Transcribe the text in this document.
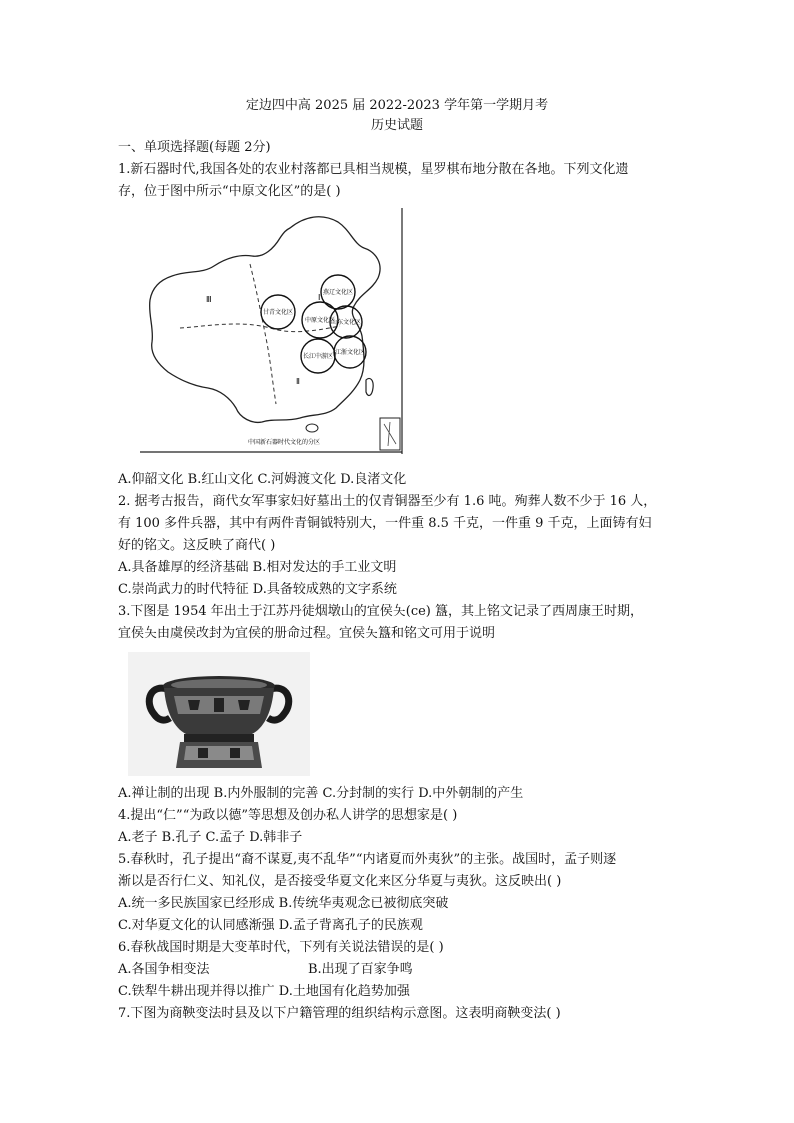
定边四中高 2025 届 2022-2023 学年第一学期月考
历史试题
一、单项选择题(每题 2分)
1.新石器时代,我国各处的农业村落都已具相当规模，星罗棋布地分散在各地。下列文化遗
存，位于图中所示“中原文化区”的是( )
燕辽文化区
甘青文化区
中原文化区
山东文化区
长江中游区
江浙文化区
Ⅲ	Ⅰ
Ⅱ
中国新石器时代文化的分区
A.仰韶文化 B.红山文化 C.河姆渡文化 D.良渚文化
2. 据考古报告，商代女军事家妇好墓出土的仅青铜器至少有 1.6 吨。殉葬人数不少于 16 人，
有 100 多件兵器，其中有两件青铜钺特别大，一件重 8.5 千克，一件重 9 千克，上面铸有妇
好的铭文。这反映了商代( )
A.具备雄厚的经济基础 B.相对发达的手工业文明
C.崇尚武力的时代特征 D.具备较成熟的文字系统
3.下图是 1954 年出土于江苏丹徒烟墩山的宜侯夨(ce) 簋，其上铭文记录了西周康王时期，
宜侯夨由虞侯改封为宜侯的册命过程。宜侯夨簋和铭文可用于说明
A.禅让制的出现 B.内外服制的完善 C.分封制的实行 D.中外朝制的产生
4.提出“仁”“为政以德”等思想及创办私人讲学的思想家是( )
A.老子 B.孔子 C.孟子 D.韩非子
5.春秋时，孔子提出“裔不谋夏,夷不乱华”“内诸夏而外夷狄”的主张。战国时，孟子则逐
渐以是否行仁义、知礼仪，是否接受华夏文化来区分华夏与夷狄。这反映出( )
A.统一多民族国家已经形成 B.传统华夷观念已被彻底突破
C.对华夏文化的认同感渐强 D.孟子背离孔子的民族观
6.春秋战国时期是大变革时代，下列有关说法错误的是( )
A.各国争相变法	B.出现了百家争鸣
C.铁犁牛耕出现并得以推广 D.土地国有化趋势加强
7.下图为商鞅变法时县及以下户籍管理的组织结构示意图。这表明商鞅变法( )
